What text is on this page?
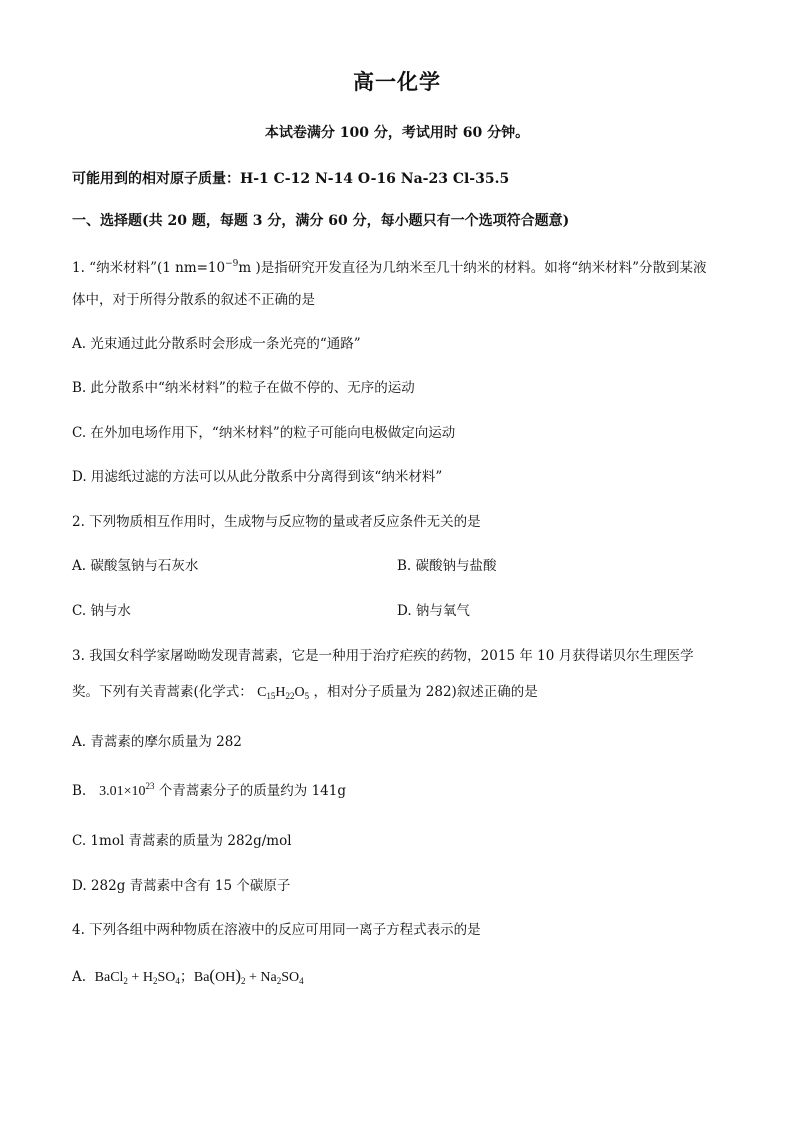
高一化学
本试卷满分 100 分，考试用时 60 分钟。
可能用到的相对原子质量：H-1 C-12 N-14 O-16 Na-23 Cl-35.5
一、选择题(共 20 题，每题 3 分，满分 60 分，每小题只有一个选项符合题意)
1. “纳米材料”(1 $nm=10^{-9}m$ )是指研究开发直径为几纳米至几十纳米的材料。如将“纳米材料”分散到某液
体中，对于所得分散系的叙述不正确的是
A. 光束通过此分散系时会形成一条光亮的“通路”
B. 此分散系中“纳米材料”的粒子在做不停的、无序的运动
C. 在外加电场作用下，“纳米材料”的粒子可能向电极做定向运动
D. 用滤纸过滤的方法可以从此分散系中分离得到该“纳米材料”
2. 下列物质相互作用时，生成物与反应物的量或者反应条件无关的是
A. 碳酸氢钠与石灰水	B. 碳酸钠与盐酸
C. 钠与水	D. 钠与氧气
3. 我国女科学家屠呦呦发现青蒿素，它是一种用于治疗疟疾的药物，2015 年 10 月获得诺贝尔生理医学
奖。下列有关青蒿素(化学式： $C_{15}H_{22}O_5$ ，相对分子质量为 282)叙述正确的是
A. 青蒿素的摩尔质量为 282
B. $3.01\times 10^{23}$ 个青蒿素分子的质量约为 141g
C. 1mol 青蒿素的质量为 282g/mol
D. 282g 青蒿素中含有 15 个碳原子
4. 下列各组中两种物质在溶液中的反应可用同一离子方程式表示的是
A. BaCl$_2$ + $H_2SO_4$；$Ba(OH)_2 + Na_2SO_4$
